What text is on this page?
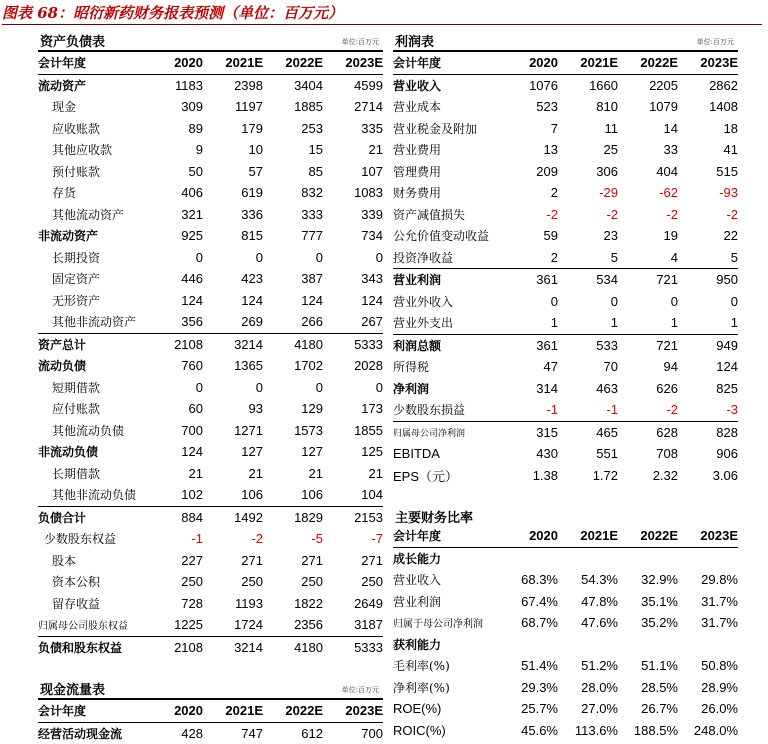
图表 68：昭衍新药财务报表预测（单位：百万元）
资产负债表	单位:百万元
会计年度	2020	2021E	2022E	2023E
流动资产	1183	2398	3404	4599
现金	309	1197	1885	2714
应收账款	89	179	253	335
其他应收款	9	10	15	21
预付账款	50	57	85	107
存货	406	619	832	1083
其他流动资产	321	336	333	339
非流动资产	925	815	777	734
长期投资	0	0	0	0
固定资产	446	423	387	343
无形资产	124	124	124	124
其他非流动资产	356	269	266	267
资产总计	2108	3214	4180	5333
流动负债	760	1365	1702	2028
短期借款	0	0	0	0
应付账款	60	93	129	173
其他流动负债	700	1271	1573	1855
非流动负债	124	127	127	125
长期借款	21	21	21	21
其他非流动负债	102	106	106	104
负债合计	884	1492	1829	2153
少数股东权益	-1	-2	-5	-7
股本	227	271	271	271
资本公积	250	250	250	250
留存收益	728	1193	1822	2649
归属母公司股东权益	1225	1724	2356	3187
负债和股东权益	2108	3214	4180	5333
利润表	单位:百万元
会计年度	2020	2021E	2022E	2023E
营业收入	1076	1660	2205	2862
营业成本	523	810	1079	1408
营业税金及附加	7	11	14	18
营业费用	13	25	33	41
管理费用	209	306	404	515
财务费用	2	-29	-62	-93
资产减值损失	-2	-2	-2	-2
公允价值变动收益	59	23	19	22
投资净收益	2	5	4	5
营业利润	361	534	721	950
营业外收入	0	0	0	0
营业外支出	1	1	1	1
利润总额	361	533	721	949
所得税	47	70	94	124
净利润	314	463	626	825
少数股东损益	-1	-1	-2	-3
归属母公司净利润	315	465	628	828
EBITDA	430	551	708	906
EPS（元）	1.38	1.72	2.32	3.06
主要财务比率
会计年度	2020	2021E	2022E	2023E
成长能力				
营业收入	68.3%	54.3%	32.9%	29.8%
营业利润	67.4%	47.8%	35.1%	31.7%
归属于母公司净利润	68.7%	47.6%	35.2%	31.7%
获利能力				
毛利率(%)	51.4%	51.2%	51.1%	50.8%
净利率(%)	29.3%	28.0%	28.5%	28.9%
ROE(%)	25.7%	27.0%	26.7%	26.0%
ROIC(%)	45.6%	113.6%	188.5%	248.0%
现金流量表	单位:百万元
会计年度	2020	2021E	2022E	2023E
经营活动现金流	428	747	612	700
